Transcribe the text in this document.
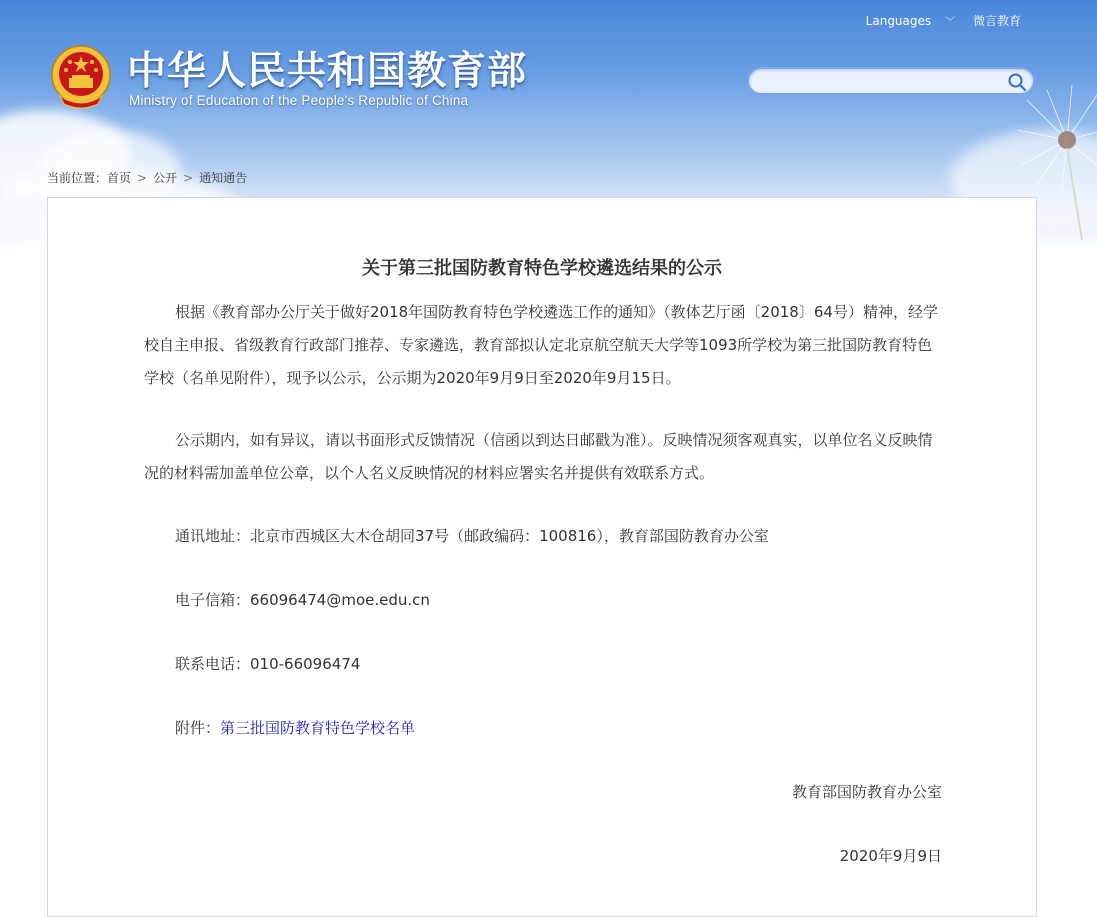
中华人民共和国教育部
Ministry of Education of the People's Republic of China
Languages ﹀ 微言教育
当前位置：首页 > 公开 > 通知通告
关于第三批国防教育特色学校遴选结果的公示

根据《教育部办公厅关于做好2018年国防教育特色学校遴选工作的通知》（教体艺厅函〔2018〕64号）精神，经学校自主申报、省级教育行政部门推荐、专家遴选，教育部拟认定北京航空航天大学等1093所学校为第三批国防教育特色学校（名单见附件），现予以公示，公示期为2020年9月9日至2020年9月15日。

公示期内，如有异议，请以书面形式反馈情况（信函以到达日邮戳为准）。反映情况须客观真实，以单位名义反映情况的材料需加盖单位公章，以个人名义反映情况的材料应署实名并提供有效联系方式。

通讯地址：北京市西城区大木仓胡同37号（邮政编码：100816），教育部国防教育办公室

电子信箱：66096474@moe.edu.cn

联系电话：010-66096474

附件：第三批国防教育特色学校名单

教育部国防教育办公室

2020年9月9日
